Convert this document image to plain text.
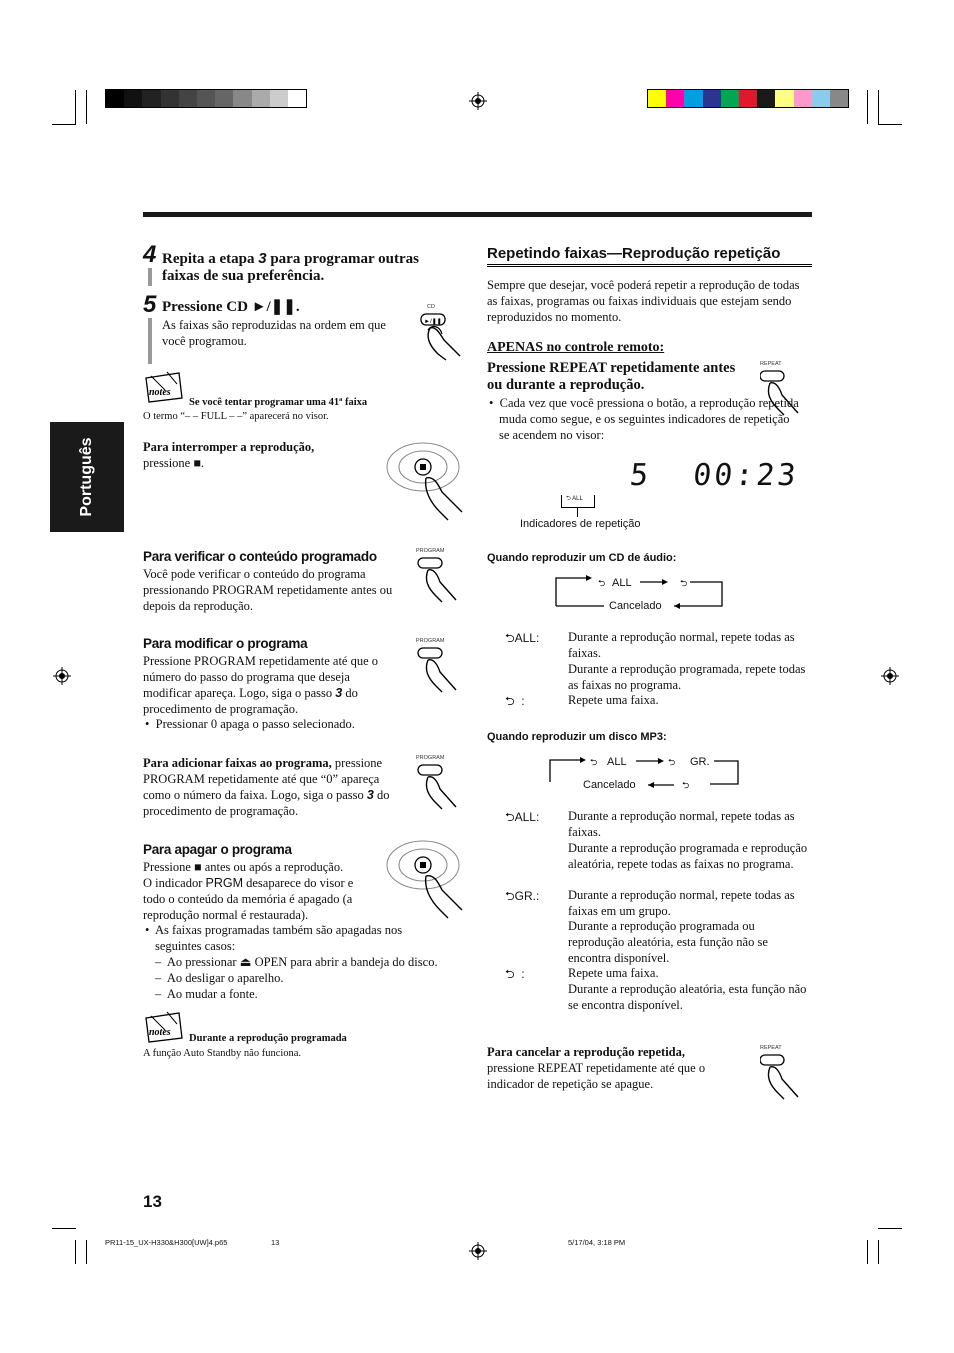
Português
4 Repita a etapa 3 para programar outras faixas de sua preferência.
5 Pressione CD ►/❚❚.
As faixas são reproduzidas na ordem em que você programou.
CD
►/❚❚
notes
Se você tentar programar uma 41ª faixa
O termo “– – FULL – –” aparecerá no visor.
Para interromper a reprodução,
pressione ■.
Para verificar o conteúdo programado
Você pode verificar o conteúdo do programa pressionando PROGRAM repetidamente antes ou depois da reprodução.
PROGRAM
Para modificar o programa
Pressione PROGRAM repetidamente até que o número do passo do programa que deseja modificar apareça. Logo, siga o passo 3 do procedimento de programação.
•  Pressionar 0 apaga o passo selecionado.
PROGRAM
Para adicionar faixas ao programa, pressione PROGRAM repetidamente até que “0” apareça como o número da faixa. Logo, siga o passo 3 do procedimento de programação.
PROGRAM
Para apagar o programa
Pressione ■ antes ou após a reprodução.
O indicador PRGM desaparece do visor e todo o conteúdo da memória é apagado (a reprodução normal é restaurada).
•  As faixas programadas também são apagadas nos seguintes casos:
–  Ao pressionar ⏏ OPEN para abrir a bandeja do disco.
–  Ao desligar o aparelho.
–  Ao mudar a fonte.
notes
Durante a reprodução programada
A função Auto Standby não funciona.
Repetindo faixas—Reprodução repetição
Sempre que desejar, você poderá repetir a reprodução de todas as faixas, programas ou faixas individuais que estejam sendo reproduzidos no momento.
APENAS no controle remoto:
Pressione REPEAT repetidamente antes ou durante a reprodução.
REPEAT
•  Cada vez que você pressiona o botão, a reprodução repetida muda como segue, e os seguintes indicadores de repetição se acendem no visor:
5 00:23
⮌ ALL
Indicadores de repetição
Quando reproduzir um CD de áudio:
⮌	⮌
ALL
Cancelado
⮌ALL: Durante a reprodução normal, repete todas as faixas.
Durante a reprodução programada, repete todas as faixas no programa.
⮌ :	Repete uma faixa.
Quando reproduzir um disco MP3:
⮌	⮌
⮌
ALL	GR.
Cancelado
⮌ALL: Durante a reprodução normal, repete todas as faixas.
Durante a reprodução programada e reprodução aleatória, repete todas as faixas no programa.
⮌GR.: Durante a reprodução normal, repete todas as faixas em um grupo.
Durante a reprodução programada ou reprodução aleatória, esta função não se encontra disponível.
⮌ :	Repete uma faixa.
Durante a reprodução aleatória, esta função não se encontra disponível.
Para cancelar a reprodução repetida,
pressione REPEAT repetidamente até que o indicador de repetição se apague.
REPEAT
13
PR11-15_UX-H330&H300[UW]4.p65	13	5/17/04, 3:18 PM
